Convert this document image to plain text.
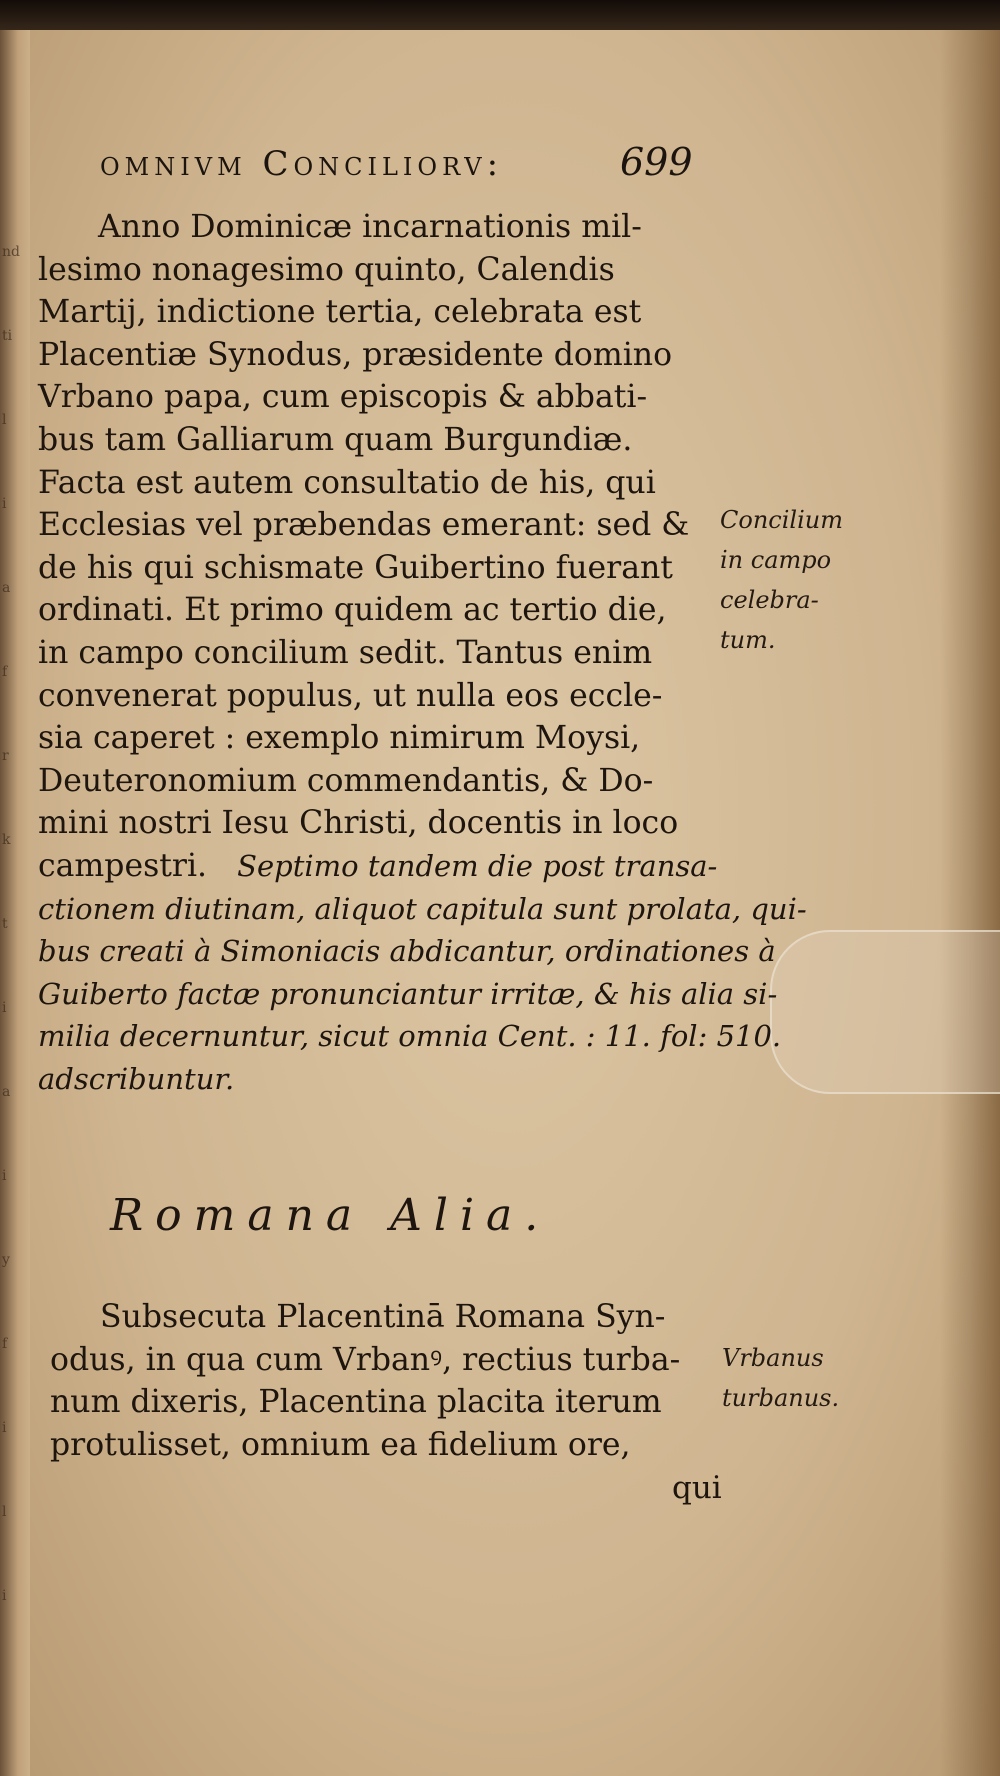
nd
ti
l
i
a
f
r
k
t
i
a
i
y
f
i
l
i
omnivm Conciliorv:	699
Anno Dominicæ incarnationis mil-
lesimo nonagesimo quinto, Calendis
Martij, indictione tertia, celebrata est
Placentiæ Synodus, præsidente domino
Vrbano papa, cum episcopis & abbati-
bus tam Galliarum quam Burgundiæ.
Facta est autem consultatio de his, qui
Ecclesias vel præbendas emerant: sed &
de his qui schismate Guibertino fuerant
ordinati. Et primo quidem ac tertio die,
in campo concilium sedit. Tantus enim
convenerat populus, ut nulla eos eccle-
sia caperet : exemplo nimirum Moysi,
Deuteronomium commendantis, & Do-
mini nostri Iesu Christi, docentis in loco
campestri. Septimo tandem die post transa-
ctionem diutinam, aliquot capitula sunt prolata, qui-
bus creati à Simoniacis abdicantur, ordinationes à
Guiberto factæ pronunciantur irritæ, & his alia si-
milia decernuntur, sicut omnia Cent. : 11. fol: 510.
adscribuntur.
Romana Alia.
Subsecuta Placentinā Romana Syn-
odus, in qua cum Vrbanꝰ, rectius turba-
num dixeris, Placentina placita iterum
protulisset, omnium ea fidelium ore,
qui
Concilium
in campo
celebra-
tum.
Vrbanus
turbanus.
